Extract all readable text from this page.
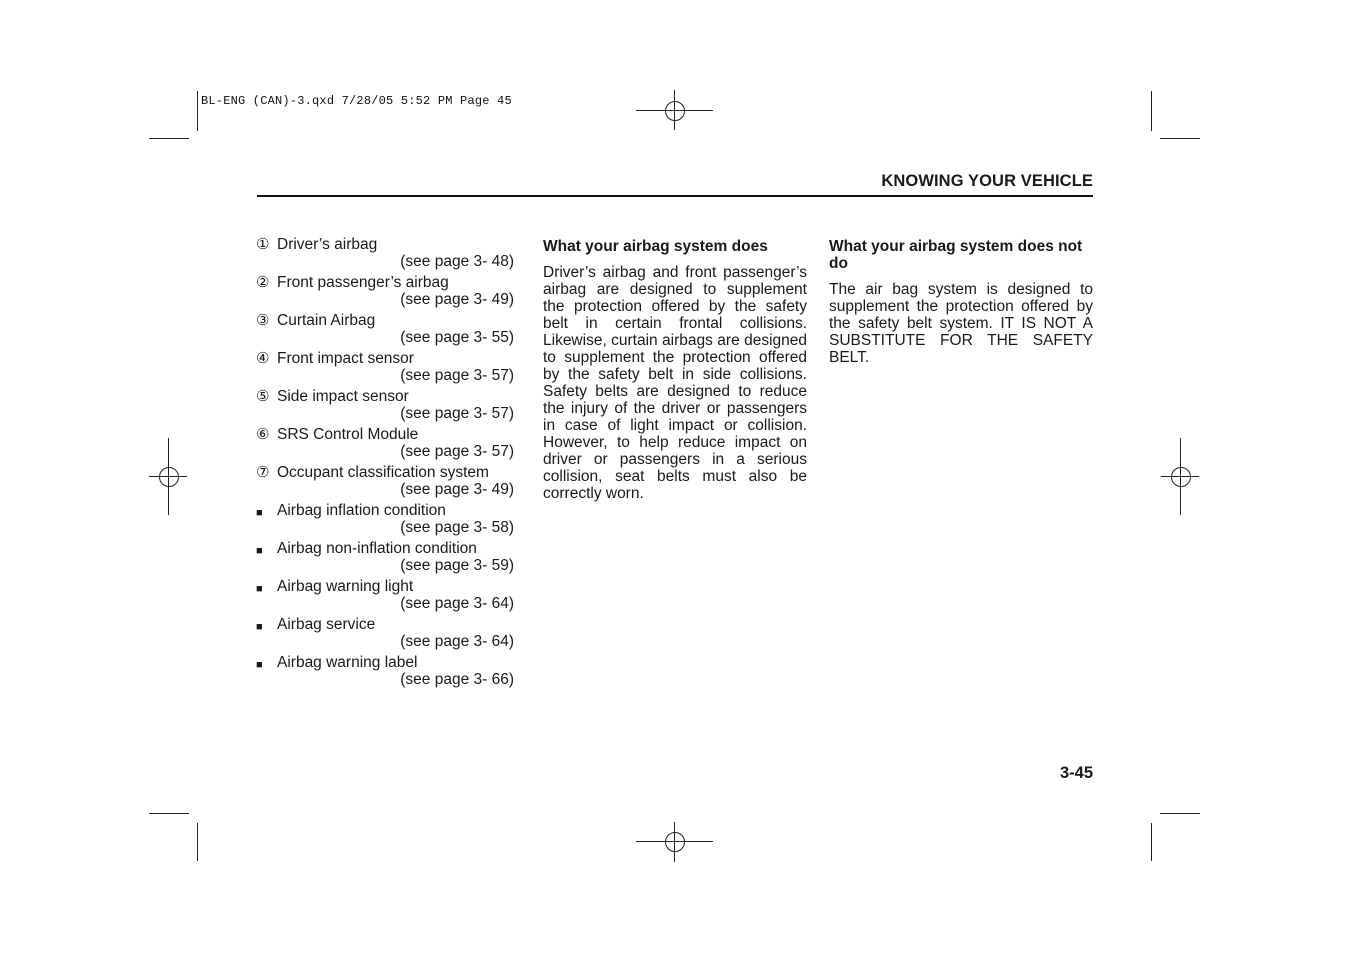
BL-ENG (CAN)-3.qxd 7/28/05 5:52 PM Page 45
KNOWING YOUR VEHICLE
① Driver’s airbag
(see page 3- 48)
② Front passenger’s airbag
(see page 3- 49)
③ Curtain Airbag
(see page 3- 55)
④ Front impact sensor
(see page 3- 57)
⑤ Side impact sensor
(see page 3- 57)
⑥ SRS Control Module
(see page 3- 57)
⑦ Occupant classification system
(see page 3- 49)
■ Airbag inflation condition
(see page 3- 58)
■ Airbag non-inflation condition
(see page 3- 59)
■ Airbag warning light
(see page 3- 64)
■ Airbag service
(see page 3- 64)
■ Airbag warning label
(see page 3- 66)

What your airbag system does

Driver’s airbag and front passenger’s airbag are designed to supplement the protection offered by the safety belt in certain frontal collisions. Likewise, curtain airbags are designed to supplement the protection offered by the safety belt in side collisions. Safety belts are designed to reduce the injury of the driver or passengers in case of light impact or collision. However, to help reduce impact on driver or passengers in a serious collision, seat belts must also be correctly worn.

What your airbag system does not do

The air bag system is designed to supplement the protection offered by the safety belt system. IT IS NOT A SUBSTITUTE FOR THE SAFETY BELT.

3-45
